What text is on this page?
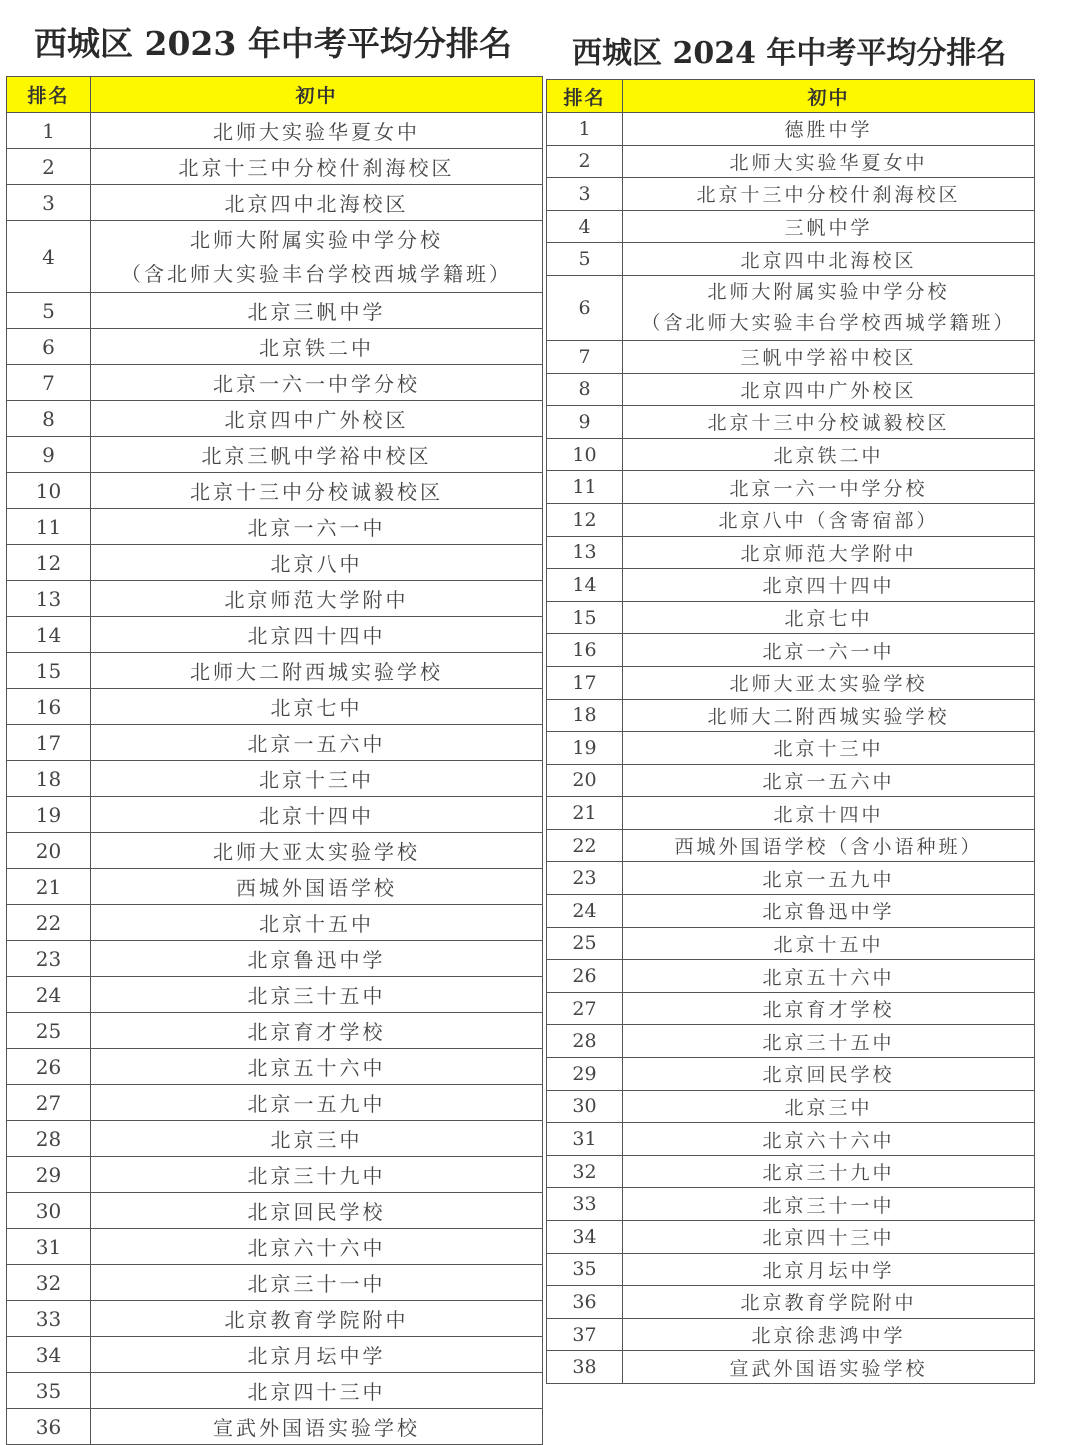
西城区 2023 年中考平均分排名 西城区 2024 年中考平均分排名
排名	初中
1	北师大实验华夏女中
2	北京十三中分校什刹海校区
3	北京四中北海校区
4	北师大附属实验中学分校
（含北师大实验丰台学校西城学籍班）

5	北京三帆中学
6	北京铁二中
7	北京一六一中学分校
8	北京四中广外校区
9	北京三帆中学裕中校区
10	北京十三中分校诚毅校区
11	北京一六一中
12	北京八中
13	北京师范大学附中
14	北京四十四中
15	北师大二附西城实验学校
16	北京七中
17	北京一五六中
18	北京十三中
19	北京十四中
20	北师大亚太实验学校
21	西城外国语学校
22	北京十五中
23	北京鲁迅中学
24	北京三十五中
25	北京育才学校
26	北京五十六中
27	北京一五九中
28	北京三中
29	北京三十九中
30	北京回民学校
31	北京六十六中
32	北京三十一中
33	北京教育学院附中
34	北京月坛中学
35	北京四十三中
36	宣武外国语实验学校
排名	初中
1	德胜中学
2	北师大实验华夏女中
3	北京十三中分校什刹海校区
4	三帆中学
5	北京四中北海校区
6	北师大附属实验中学分校
（含北师大实验丰台学校西城学籍班）

7	三帆中学裕中校区
8	北京四中广外校区
9	北京十三中分校诚毅校区
10	北京铁二中
11	北京一六一中学分校
12	北京八中（含寄宿部）
13	北京师范大学附中
14	北京四十四中
15	北京七中
16	北京一六一中
17	北师大亚太实验学校
18	北师大二附西城实验学校
19	北京十三中
20	北京一五六中
21	北京十四中
22	西城外国语学校（含小语种班）
23	北京一五九中
24	北京鲁迅中学
25	北京十五中
26	北京五十六中
27	北京育才学校
28	北京三十五中
29	北京回民学校
30	北京三中
31	北京六十六中
32	北京三十九中
33	北京三十一中
34	北京四十三中
35	北京月坛中学
36	北京教育学院附中
37	北京徐悲鸿中学
38	宣武外国语实验学校
